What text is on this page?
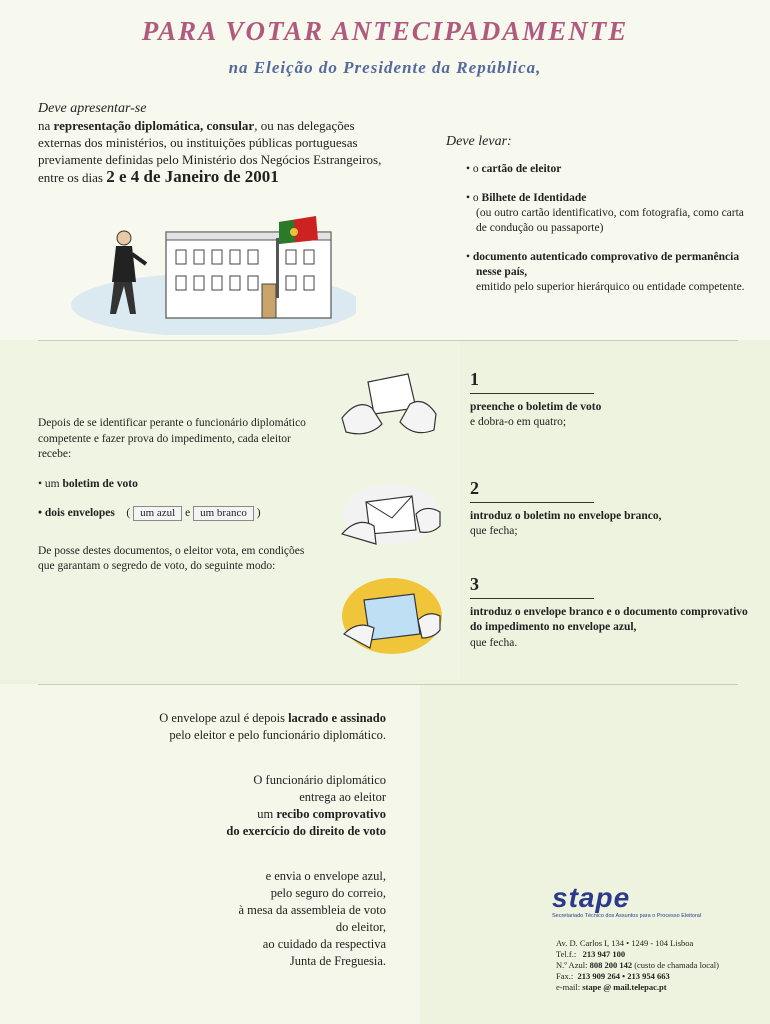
PARA VOTAR ANTECIPADAMENTE
na Eleição do Presidente da República,
Deve apresentar-se
na representação diplomática, consular, ou nas delegações externas dos ministérios, ou instituições públicas portuguesas previamente definidas pelo Ministério dos Negócios Estrangeiros, entre os dias 2 e 4 de Janeiro de 2001
Deve levar:
• o cartão de eleitor
• o Bilhete de Identidade
(ou outro cartão identificativo, com fotografia, como carta de condução ou passaporte)
• documento autenticado comprovativo de permanência nesse país,
emitido pelo superior hierárquico ou entidade competente.
Depois de se identificar perante o funcionário diplomático competente e fazer prova do impedimento, cada eleitor recebe:
• um boletim de voto
• dois envelopes ( um azul e um branco )
De posse destes documentos, o eleitor vota, em condições que garantam o segredo de voto, do seguinte modo:
1
preenche o boletim de voto
e dobra-o em quatro;
2
introduz o boletim no envelope branco,
que fecha;
3
introduz o envelope branco e o documento comprovativo do impedimento no envelope azul,
que fecha.
O envelope azul é depois lacrado e assinado
pelo eleitor e pelo funcionário diplomático.
O funcionário diplomático
entrega ao eleitor
um recibo comprovativo
do exercício do direito de voto
e envia o envelope azul,
pelo seguro do correio,
à mesa da assembleia de voto
do eleitor,
ao cuidado da respectiva
Junta de Freguesia.
stape
Secretariado Técnico dos Assuntos para o Processo Eleitoral
Av. D. Carlos I, 134 • 1249 - 104 Lisboa
Tel.f.: 213 947 100
N.º Azul: 808 200 142 (custo de chamada local)
Fax.: 213 909 264 • 213 954 663
e-mail: stape @ mail.telepac.pt
